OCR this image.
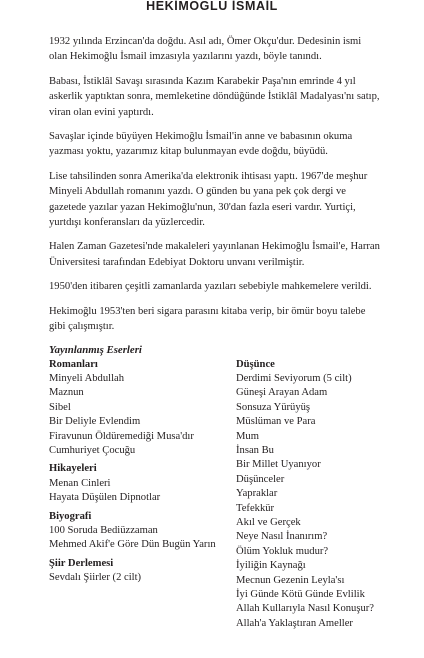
HEKİMOĞLU İSMAİL

1932 yılında Erzincan'da doğdu. Asıl adı, Ömer Okçu'dur. Dedesinin ismi olan Hekimoğlu İsmail imzasıyla yazılarını yazdı, böyle tanındı.

Babası, İstiklâl Savaşı sırasında Kazım Karabekir Paşa'nın emrinde 4 yıl askerlik yaptıktan sonra, memleketine döndüğünde İstiklâl Madalyası'nı satıp, viran olan evini yaptırdı.

Savaşlar içinde büyüyen Hekimoğlu İsmail'in anne ve babasının okuma yazması yoktu, yazarımız kitap bulunmayan evde doğdu, büyüdü.

Lise tahsilinden sonra Amerika'da elektronik ihtisası yaptı. 1967'de meşhur Minyeli Abdullah romanını yazdı. O günden bu yana pek çok dergi ve gazetede yazılar yazan Hekimoğlu'nun, 30'dan fazla eseri vardır. Yurtiçi, yurtdışı konferansları da yüzlercedir.

Halen Zaman Gazetesi'nde makaleleri yayınlanan Hekimoğlu İsmail'e, Harran Üniversitesi tarafından Edebiyat Doktoru unvanı verilmiştir.

1950'den itibaren çeşitli zamanlarda yazıları sebebiyle mahkemelere verildi.

Hekimoğlu 1953'ten beri sigara parasını kitaba verip, bir ömür boyu talebe gibi çalışmıştır.

Yayınlanmış Eserleri
Romanları
Minyeli Abdullah
Maznun
Sibel
Bir Deliyle Evlendim
Firavunun Öldüremediği Musa'dır
Cumhuriyet Çocuğu
Hikayeleri
Menan Cinleri
Hayata Düşülen Dipnotlar
Biyografi
100 Soruda Bediüzzaman
Mehmed Akif'e Göre Dün Bugün Yarın
Şiir Derlemesi
Sevdalı Şiirler (2 cilt)
Düşünce
Derdimi Seviyorum (5 cilt)
Güneşi Arayan Adam
Sonsuza Yürüyüş
Müslüman ve Para
Mum
İnsan Bu
Bir Millet Uyanıyor
Düşünceler
Yapraklar
Tefekkür
Akıl ve Gerçek
Neye Nasıl İnanırım?
Ölüm Yokluk mudur?
İyiliğin Kaynağı
Mecnun Gezenin Leyla'sı
İyi Günde Kötü Günde Evlilik
Allah Kullarıyla Nasıl Konuşur?
Allah'a Yaklaştıran Ameller
